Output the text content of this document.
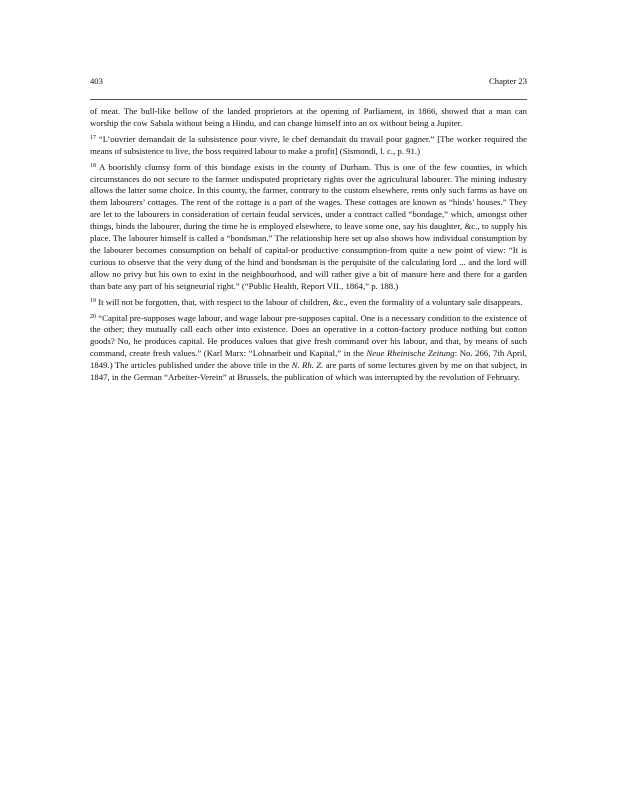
403	Chapter 23

of meat. The bull-like bellow of the landed proprietors at the opening of Parliament, in 1866, showed that a man can worship the cow Sabala without being a Hindu, and can change himself into an ox without being a Jupiter.

$^{17}$ “L’ouvrier demandait de la subsistence pour vivre, le chef demandait du travail pour gagner.” [The worker required the means of subsistence to live, the boss required labour to make a profit] (Sismondi, l. c., p. 91.)

$^{18}$ A boorishly clumsy form of this bondage exists in the county of Durham. This is one of the few counties, in which circumstances do not secure to the farmer undisputed proprietary rights over the agricultural labourer. The mining industry allows the latter some choice. In this county, the farmer, contrary to the custom elsewhere, rents only such farms as have on them labourers’ cottages. The rent of the cottage is a part of the wages. These cottages are known as “hinds’ houses.” They are let to the labourers in consideration of certain feudal services, under a contract called “bondage,” which, amongst other things, binds the labourer, during the time he is employed elsewhere, to leave some one, say his daughter, &c., to supply his place. The labourer himself is called a “bondsman.” The relationship here set up also shows how individual consumption by the labourer becomes consumption on behalf of capital-or productive consumption-from quite a new point of view: “It is curious to observe that the very dung of the hind and bondsman is the perquisite of the calculating lord ... and the lord will allow no privy but his own to exist in the neighbourhood, and will rather give a bit of manure here and there for a garden than bate any part of his seigneurial right.” (“Public Health, Report VII., 1864,” p. 188.)

$^{19}$ It will not be forgotten, that, with respect to the labour of children, &c., even the formality of a voluntary sale disappears.

$^{20}$ “Capital pre-supposes wage labour, and wage labour pre-supposes capital. One is a necessary condition to the existence of the other; they mutually call each other into existence. Does an operative in a cotton-factory produce nothing but cotton goods? No, he produces capital. He produces values that give fresh command over his labour, and that, by means of such command, create fresh values.” (Karl Marx: “Lohnarbeit und Kapital,” in the Neue Rheinische Zeitung: No. 266, 7th April, 1849.) The articles published under the above title in the N. Rh. Z. are parts of some lectures given by me on that subject, in 1847, in the German “Arbeiter-Verein” at Brussels, the publication of which was interrupted by the revolution of February.
